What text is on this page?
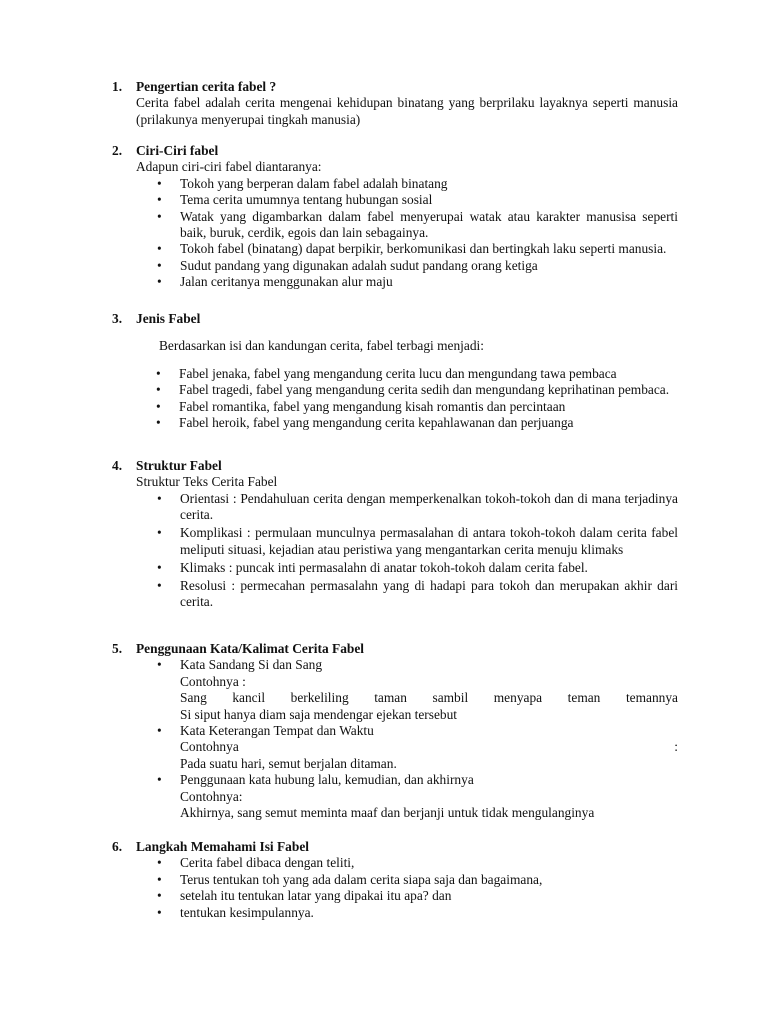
1. Pengertian cerita fabel ?
Cerita fabel adalah cerita mengenai kehidupan binatang yang berprilaku layaknya seperti manusia (prilakunya menyerupai tingkah manusia)
2. Ciri-Ciri fabel
Adapun ciri-ciri fabel diantaranya:
• Tokoh yang berperan dalam fabel adalah binatang
• Tema cerita umumnya tentang hubungan sosial
• Watak yang digambarkan dalam fabel menyerupai watak atau karakter manusisa seperti baik, buruk, cerdik, egois dan lain sebagainya.
• Tokoh fabel (binatang) dapat berpikir, berkomunikasi dan bertingkah laku seperti manusia.
• Sudut pandang yang digunakan adalah sudut pandang orang ketiga
• Jalan ceritanya menggunakan alur maju
3. Jenis Fabel
Berdasarkan isi dan kandungan cerita, fabel terbagi menjadi:
• Fabel jenaka, fabel yang mengandung cerita lucu dan mengundang tawa pembaca
• Fabel tragedi, fabel yang mengandung cerita sedih dan mengundang keprihatinan pembaca.
• Fabel romantika, fabel yang mengandung kisah romantis dan percintaan
• Fabel heroik, fabel yang mengandung cerita kepahlawanan dan perjuanga
4. Struktur Fabel
Struktur Teks Cerita Fabel
• Orientasi : Pendahuluan cerita dengan memperkenalkan tokoh-tokoh dan di mana terjadinya cerita.
• Komplikasi : permulaan munculnya permasalahan di antara tokoh-tokoh dalam cerita fabel meliputi situasi, kejadian atau peristiwa yang mengantarkan cerita menuju klimaks
• Klimaks : puncak inti permasalahn di anatar tokoh-tokoh dalam cerita fabel.
• Resolusi : permecahan permasalahn yang di hadapi para tokoh dan merupakan akhir dari cerita.
5. Penggunaan Kata/Kalimat Cerita Fabel
• Kata Sandang Si dan Sang
Contohnya :
Sang kancil berkeliling taman sambil menyapa teman temannya
Si siput hanya diam saja mendengar ejekan tersebut
• Kata Keterangan Tempat dan Waktu
Contohnya	:
Pada suatu hari, semut berjalan ditaman.
• Penggunaan kata hubung lalu, kemudian, dan akhirnya
Contohnya:
Akhirnya, sang semut meminta maaf dan berjanji untuk tidak mengulanginya
6. Langkah Memahami Isi Fabel
• Cerita fabel dibaca dengan teliti,
• Terus tentukan toh yang ada dalam cerita siapa saja dan bagaimana,
• setelah itu tentukan latar yang dipakai itu apa? dan
• tentukan kesimpulannya.
